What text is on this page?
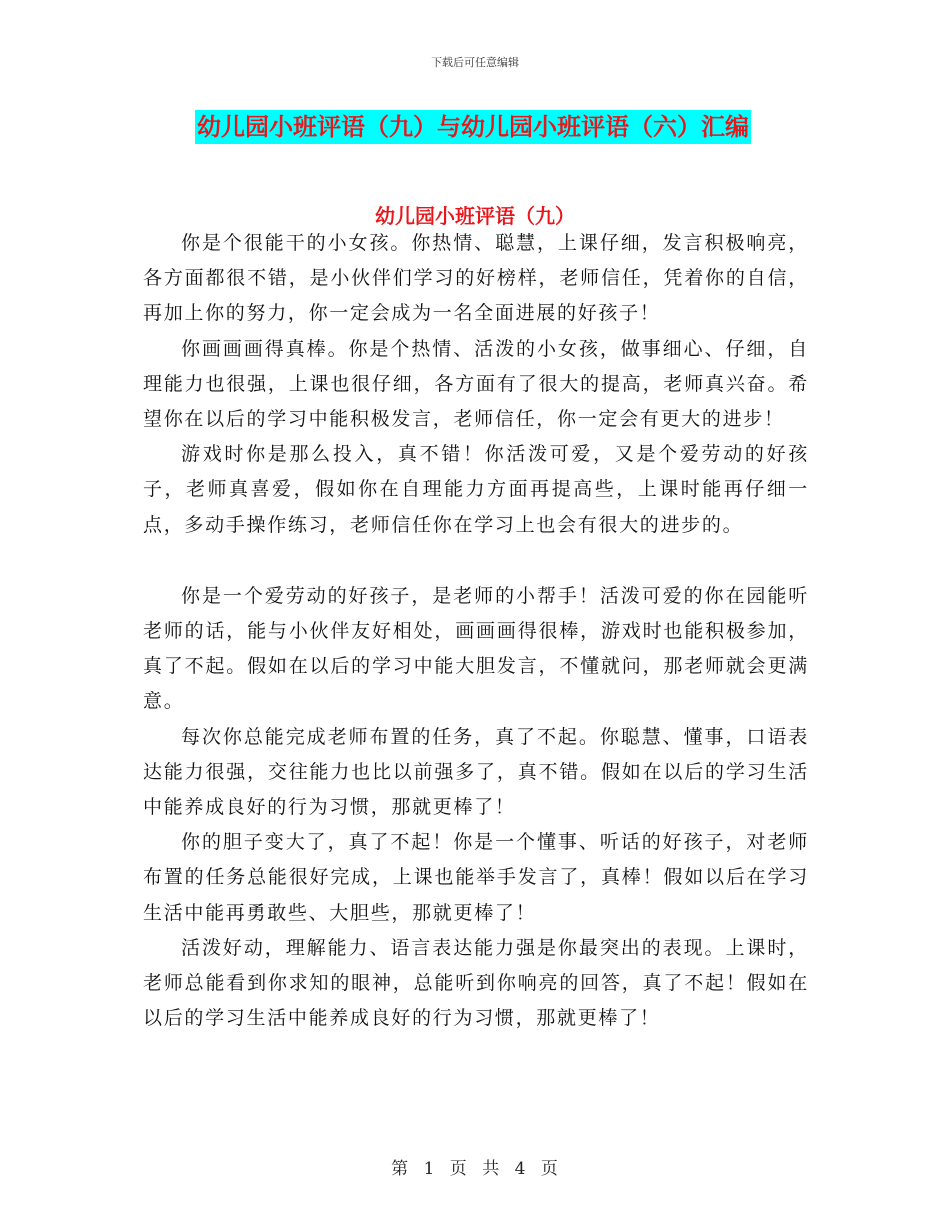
下载后可任意编辑
幼儿园小班评语（九）与幼儿园小班评语（六）汇编
幼儿园小班评语（九）

你是个很能干的小女孩。你热情、聪慧，上课仔细，发言积极响亮，各方面都很不错，是小伙伴们学习的好榜样，老师信任，凭着你的自信，再加上你的努力，你一定会成为一名全面进展的好孩子！

你画画画得真棒。你是个热情、活泼的小女孩，做事细心、仔细，自理能力也很强，上课也很仔细，各方面有了很大的提高，老师真兴奋。希望你在以后的学习中能积极发言，老师信任，你一定会有更大的进步！

游戏时你是那么投入，真不错！你活泼可爱，又是个爱劳动的好孩子，老师真喜爱，假如你在自理能力方面再提高些，上课时能再仔细一点，多动手操作练习，老师信任你在学习上也会有很大的进步的。

你是一个爱劳动的好孩子，是老师的小帮手！活泼可爱的你在园能听老师的话，能与小伙伴友好相处，画画画得很棒，游戏时也能积极参加，真了不起。假如在以后的学习中能大胆发言，不懂就问，那老师就会更满意。

每次你总能完成老师布置的任务，真了不起。你聪慧、懂事，口语表达能力很强，交往能力也比以前强多了，真不错。假如在以后的学习生活中能养成良好的行为习惯，那就更棒了！

你的胆子变大了，真了不起！你是一个懂事、听话的好孩子，对老师布置的任务总能很好完成，上课也能举手发言了，真棒！假如以后在学习生活中能再勇敢些、大胆些，那就更棒了！

活泼好动，理解能力、语言表达能力强是你最突出的表现。上课时，老师总能看到你求知的眼神，总能听到你响亮的回答，真了不起！假如在以后的学习生活中能养成良好的行为习惯，那就更棒了！

第 1 页 共 4 页
